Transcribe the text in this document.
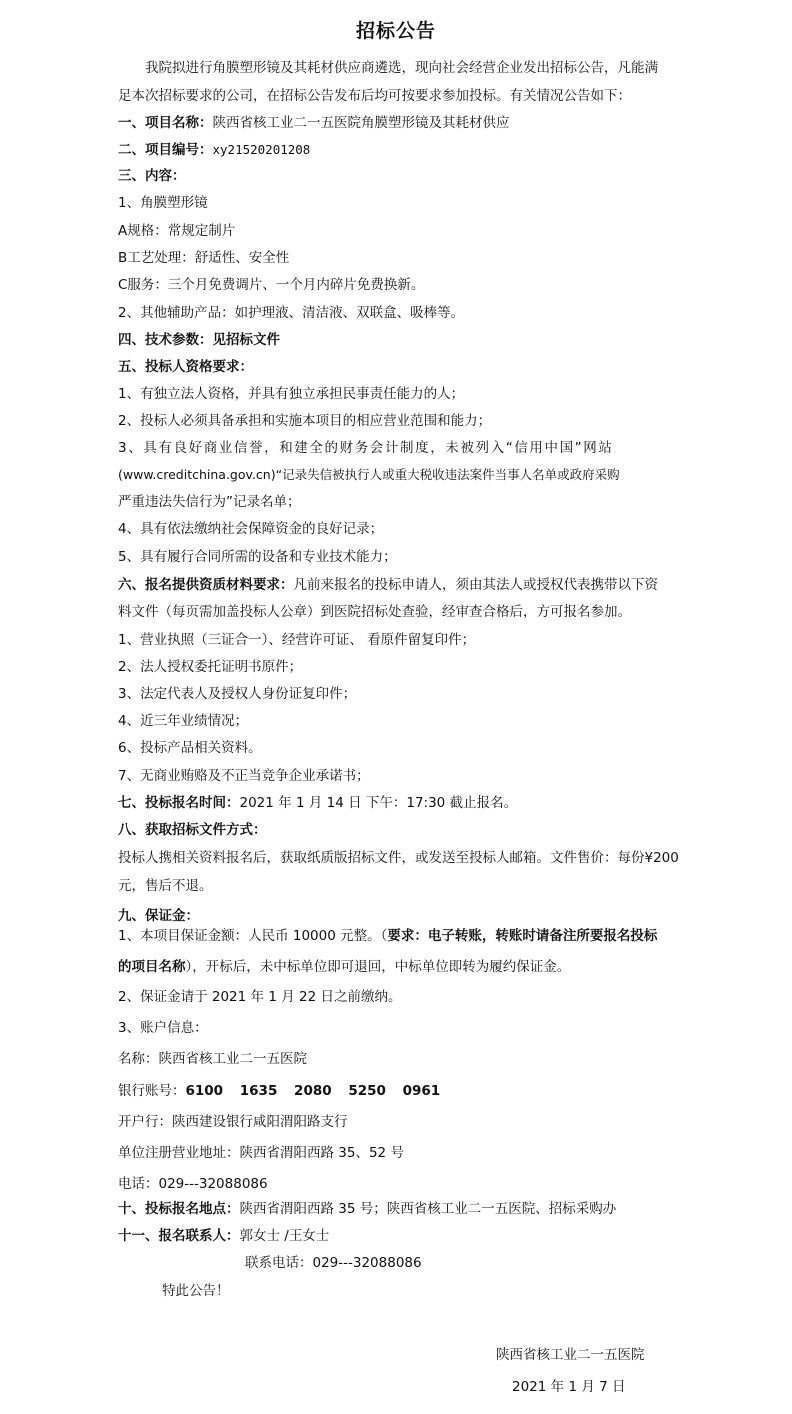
招标公告
我院拟进行角膜塑形镜及其耗材供应商遴选，现向社会经营企业发出招标公告，凡能满
足本次招标要求的公司，在招标公告发布后均可按要求参加投标。有关情况公告如下：
一、项目名称：陕西省核工业二一五医院角膜塑形镜及其耗材供应
二、项目编号：xy21520201208
三、内容：
1、角膜塑形镜
A规格：常规定制片
B工艺处理：舒适性、安全性
C服务：三个月免费调片、一个月内碎片免费换新。
2、其他辅助产品：如护理液、清洁液、双联盒、吸棒等。
四、技术参数：见招标文件
五、投标人资格要求：
1、有独立法人资格，并具有独立承担民事责任能力的人；
2、投标人必须具备承担和实施本项目的相应营业范围和能力；
3、具有良好商业信誉，和建全的财务会计制度，未被列入“信用中国”网站
(www.creditchina.gov.cn)“记录失信被执行人或重大税收违法案件当事人名单或政府采购
严重违法失信行为”记录名单；
4、具有依法缴纳社会保障资金的良好记录；
5、具有履行合同所需的设备和专业技术能力；
六、报名提供资质材料要求：凡前来报名的投标申请人，须由其法人或授权代表携带以下资
料文件（每页需加盖投标人公章）到医院招标处查验，经审查合格后，方可报名参加。
1、营业执照（三证合一）、经营许可证、 看原件留复印件；
2、法人授权委托证明书原件；
3、法定代表人及授权人身份证复印件；
4、近三年业绩情况；
6、投标产品相关资料。
7、无商业贿赂及不正当竞争企业承诺书；
七、投标报名时间：2021 年 1 月 14 日 下午：17:30 截止报名。
八、获取招标文件方式：
投标人携相关资料报名后，获取纸质版招标文件，或发送至投标人邮箱。文件售价：每份¥200
元，售后不退。
九、保证金：
1、本项目保证金额：人民币 10000 元整。（要求：电子转账，转账时请备注所要报名投标
的项目名称），开标后，未中标单位即可退回，中标单位即转为履约保证金。
2、保证金请于 2021 年 1 月 22 日之前缴纳。
3、账户信息：
名称：陕西省核工业二一五医院
银行账号：6100 1635 2080 5250 0961
开户行：陕西建设银行咸阳渭阳路支行
单位注册营业地址：陕西省渭阳西路 35、52 号
电话：029---32088086
十、投标报名地点：陕西省渭阳西路 35 号；陕西省核工业二一五医院、招标采购办
十一、报名联系人：郭女士 /王女士
联系电话：029---32088086
特此公告！
陕西省核工业二一五医院
2021 年 1 月 7 日
